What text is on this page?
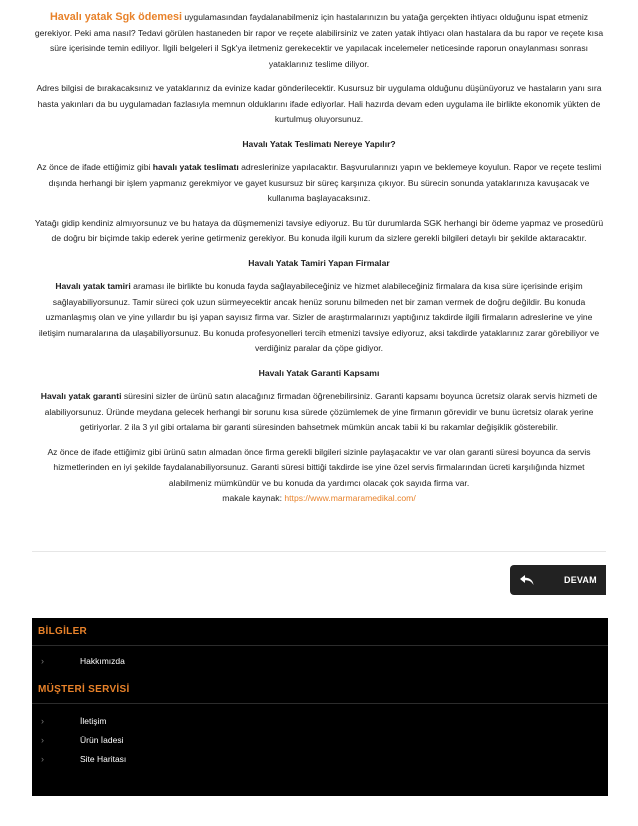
Havalı yatak Sgk ödemesi uygulamasından faydalanabilmeniz için hastalarınızın bu yatağa gerçekten ihtiyacı olduğunu ispat etmeniz gerekiyor. Peki ama nasıl? Tedavi görülen hastaneden bir rapor ve reçete alabilirsiniz ve zaten yatak ihtiyacı olan hastalara da bu rapor ve reçete kısa süre içerisinde temin ediliyor. İlgili belgeleri il Sgk'ya iletmeniz gerekecektir ve yapılacak incelemeler neticesinde raporun onaylanması sonrası yataklarınız teslime diliyor.

Adres bilgisi de bırakacaksınız ve yataklarınız da evinize kadar gönderilecektir. Kusursuz bir uygulama olduğunu düşünüyoruz ve hastaların yanı sıra hasta yakınları da bu uygulamadan fazlasıyla memnun olduklarını ifade ediyorlar. Hali hazırda devam eden uygulama ile birlikte ekonomik yükten de kurtulmuş oluyorsunuz.

Havalı Yatak Teslimatı Nereye Yapılır?

Az önce de ifade ettiğimiz gibi havalı yatak teslimatı adreslerinize yapılacaktır. Başvurularınızı yapın ve beklemeye koyulun. Rapor ve reçete teslimi dışında herhangi bir işlem yapmanız gerekmiyor ve gayet kusursuz bir süreç karşınıza çıkıyor. Bu sürecin sonunda yataklarınıza kavuşacak ve kullanıma başlayacaksınız.

Yatağı gidip kendiniz almıyorsunuz ve bu hataya da düşmemenizi tavsiye ediyoruz. Bu tür durumlarda SGK herhangi bir ödeme yapmaz ve prosedürü de doğru bir biçimde takip ederek yerine getirmeniz gerekiyor. Bu konuda ilgili kurum da sizlere gerekli bilgileri detaylı bir şekilde aktaracaktır.

Havalı Yatak Tamiri Yapan Firmalar

Havalı yatak tamiri araması ile birlikte bu konuda fayda sağlayabileceğiniz ve hizmet alabileceğiniz firmalara da kısa süre içerisinde erişim sağlayabiliyorsunuz. Tamir süreci çok uzun sürmeyecektir ancak henüz sorunu bilmeden net bir zaman vermek de doğru değildir. Bu konuda uzmanlaşmış olan ve yine yıllardır bu işi yapan sayısız firma var. Sizler de araştırmalarınızı yaptığınız takdirde ilgili firmaların adreslerine ve yine iletişim numaralarına da ulaşabiliyorsunuz. Bu konuda profesyonelleri tercih etmenizi tavsiye ediyoruz, aksi takdirde yataklarınız zarar görebiliyor ve verdiğiniz paralar da çöpe gidiyor.

Havalı Yatak Garanti Kapsamı

Havalı yatak garanti süresini sizler de ürünü satın alacağınız firmadan öğrenebilirsiniz. Garanti kapsamı boyunca ücretsiz olarak servis hizmeti de alabiliyorsunuz. Üründe meydana gelecek herhangi bir sorunu kısa sürede çözümlemek de yine firmanın görevidir ve bunu ücretsiz olarak yerine getiriyorlar. 2 ila 3 yıl gibi ortalama bir garanti süresinden bahsetmek mümkün ancak tabii ki bu rakamlar değişiklik gösterebilir.

Az önce de ifade ettiğimiz gibi ürünü satın almadan önce firma gerekli bilgileri sizinle paylaşacaktır ve var olan garanti süresi boyunca da servis hizmetlerinden en iyi şekilde faydalanabiliyorsunuz. Garanti süresi bittiği takdirde ise yine özel servis firmalarından ücreti karşılığında hizmet alabilmeniz mümkündür ve bu konuda da yardımcı olacak çok sayıda firma var.
makale kaynak: https://www.marmaramedikal.com/

DEVAM
BİLGİLER
›	Hakkımızda
MÜŞTERİ SERVİSİ
›	İletişim
›	Ürün İadesi
›	Site Haritası
